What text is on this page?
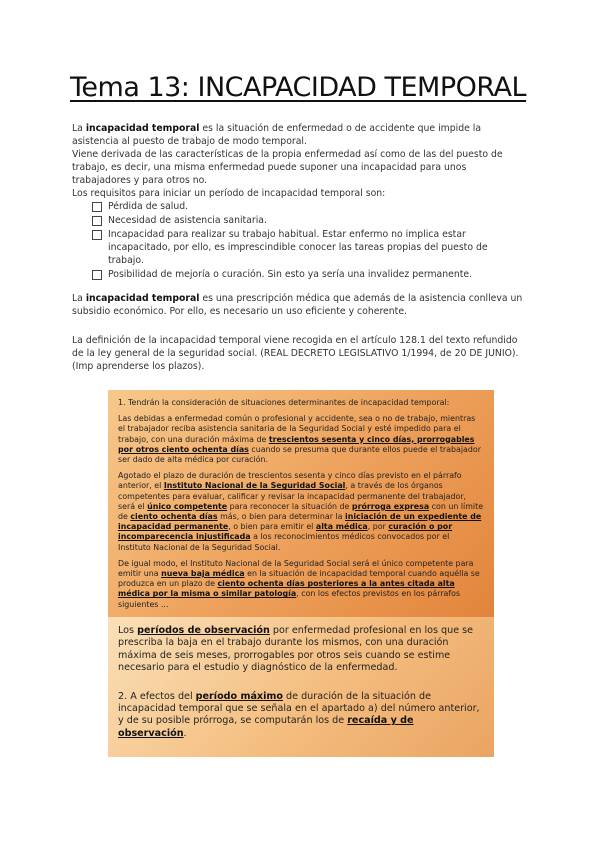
Tema 13: INCAPACIDAD TEMPORAL

La incapacidad temporal es la situación de enfermedad o de accidente que impide la asistencia al puesto de trabajo de modo temporal.

Viene derivada de las características de la propia enfermedad así como de las del puesto de trabajo, es decir, una misma enfermedad puede suponer una incapacidad para unos trabajadores y para otros no.

Los requisitos para iniciar un período de incapacidad temporal son:

Pérdida de salud.
Necesidad de asistencia sanitaria.
Incapacidad para realizar su trabajo habitual. Estar enfermo no implica estar incapacitado, por ello, es imprescindible conocer las tareas propias del puesto de trabajo.
Posibilidad de mejoría o curación. Sin esto ya sería una invalidez permanente.

La incapacidad temporal es una prescripción médica que además de la asistencia conlleva un subsidio económico. Por ello, es necesario un uso eficiente y coherente.

La definición de la incapacidad temporal viene recogida en el artículo 128.1 del texto refundido de la ley general de la seguridad social. (REAL DECRETO LEGISLATIVO 1/1994, de 20 DE JUNIO). (Imp aprenderse los plazos).

1. Tendrán la consideración de situaciones determinantes de incapacidad temporal:

Las debidas a enfermedad común o profesional y accidente, sea o no de trabajo, mientras el trabajador reciba asistencia sanitaria de la Seguridad Social y esté impedido para el trabajo, con una duración máxima de trescientos sesenta y cinco días, prorrogables por otros ciento ochenta días cuando se presuma que durante ellos puede el trabajador ser dado de alta médica por curación.

Agotado el plazo de duración de trescientos sesenta y cinco días previsto en el párrafo anterior, el Instituto Nacional de la Seguridad Social, a través de los órganos competentes para evaluar, calificar y revisar la incapacidad permanente del trabajador, será el único competente para reconocer la situación de prórroga expresa con un límite de ciento ochenta días más, o bien para determinar la iniciación de un expediente de incapacidad permanente, o bien para emitir el alta médica, por curación o por incomparecencia injustificada a los reconocimientos médicos convocados por el Instituto Nacional de la Seguridad Social.

De igual modo, el Instituto Nacional de la Seguridad Social será el único competente para emitir una nueva baja médica en la situación de incapacidad temporal cuando aquélla se produzca en un plazo de ciento ochenta días posteriores a la antes citada alta médica por la misma o similar patología, con los efectos previstos en los párrafos siguientes ...

Los períodos de observación por enfermedad profesional en los que se prescriba la baja en el trabajo durante los mismos, con una duración máxima de seis meses, prorrogables por otros seis cuando se estime necesario para el estudio y diagnóstico de la enfermedad.

2. A efectos del período máximo de duración de la situación de incapacidad temporal que se señala en el apartado a) del número anterior, y de su posible prórroga, se computarán los de recaída y de observación.
